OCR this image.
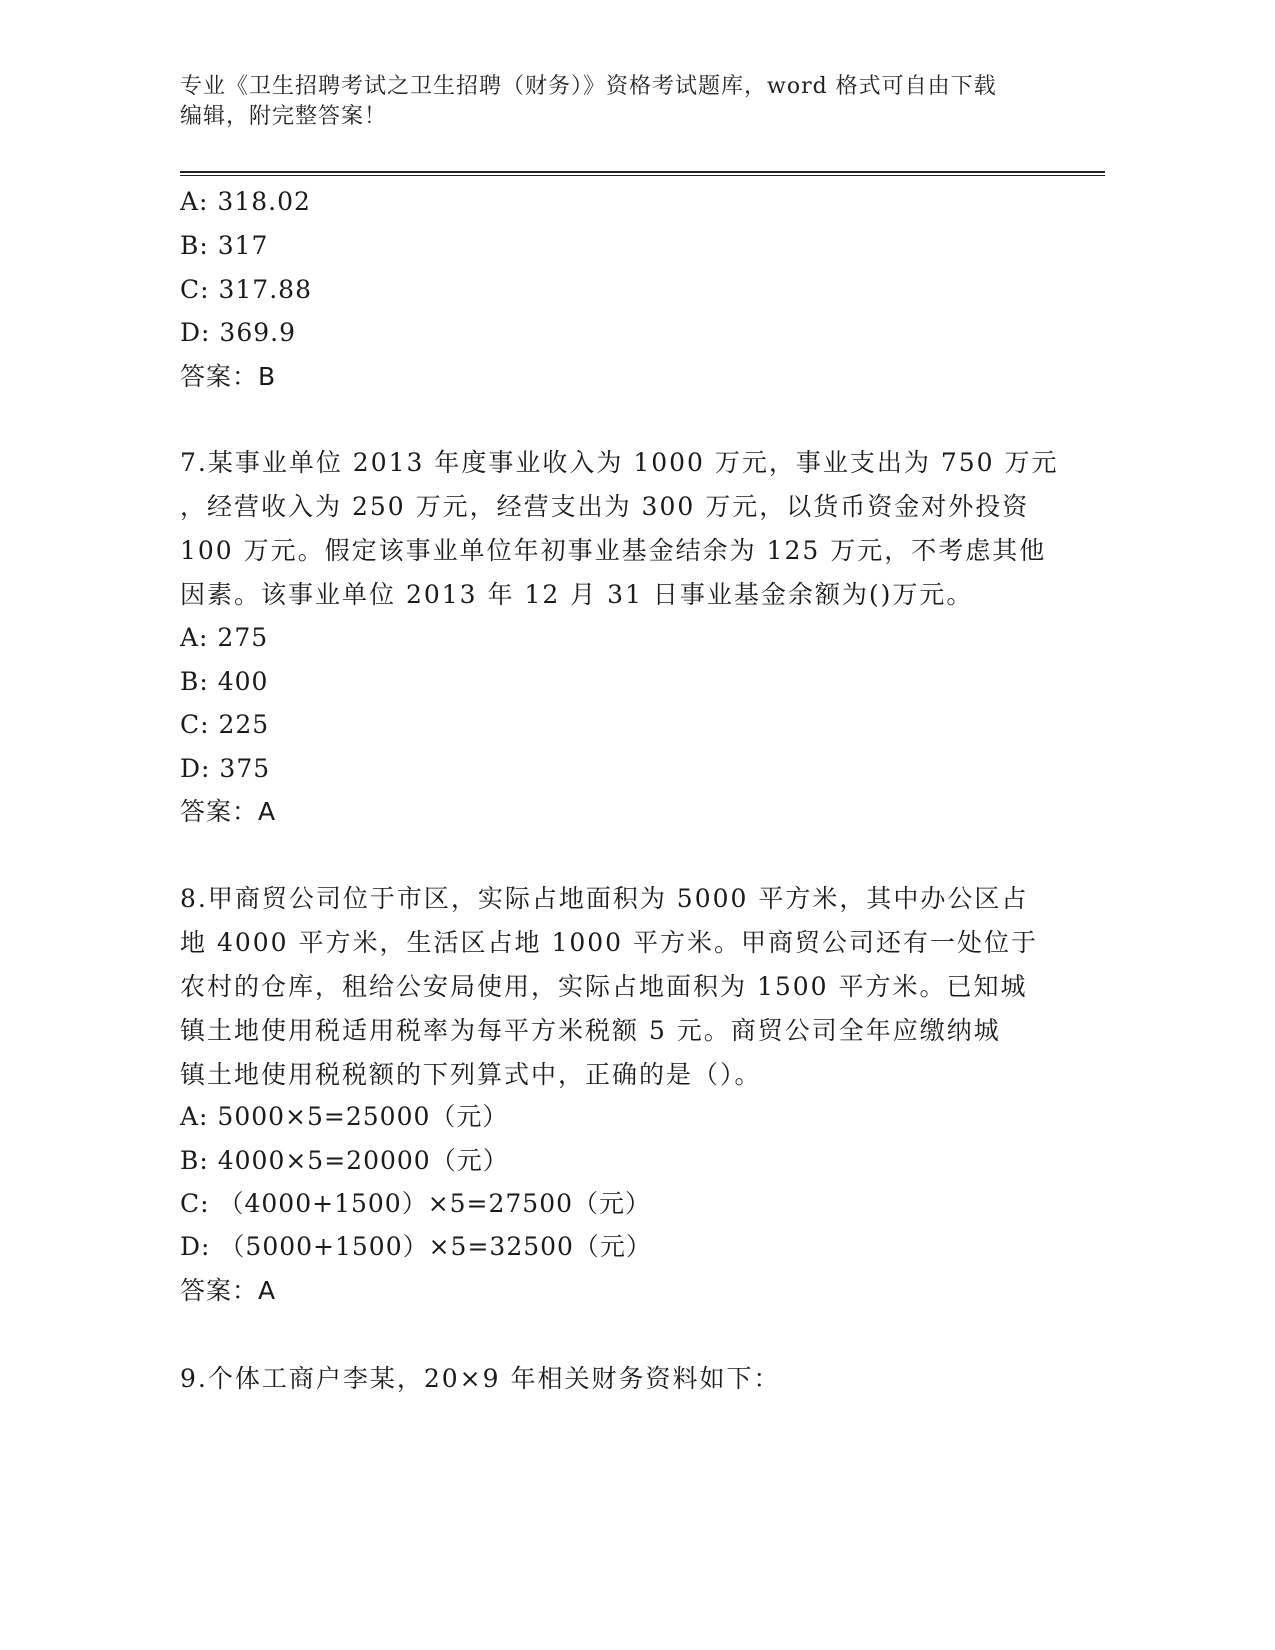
专业《卫生招聘考试之卫生招聘（财务）》资格考试题库，word 格式可自由下载
编辑，附完整答案！
A: 318.02
B: 317
C: 317.88
D: 369.9
答案：B
7.某事业单位 2013 年度事业收入为 1000 万元，事业支出为 750 万元
，经营收入为 250 万元，经营支出为 300 万元，以货币资金对外投资
100 万元。假定该事业单位年初事业基金结余为 125 万元，不考虑其他
因素。该事业单位 2013 年 12 月 31 日事业基金余额为()万元。
A: 275
B: 400
C: 225
D: 375
答案：A
8.甲商贸公司位于市区，实际占地面积为 5000 平方米，其中办公区占
地 4000 平方米，生活区占地 1000 平方米。甲商贸公司还有一处位于
农村的仓库，租给公安局使用，实际占地面积为 1500 平方米。已知城
镇土地使用税适用税率为每平方米税额 5 元。商贸公司全年应缴纳城
镇土地使用税税额的下列算式中，正确的是（）。
A: 5000×5=25000（元）
B: 4000×5=20000（元）
C: （4000+1500）×5=27500（元）
D: （5000+1500）×5=32500（元）
答案：A
9.个体工商户李某，20×9 年相关财务资料如下：
